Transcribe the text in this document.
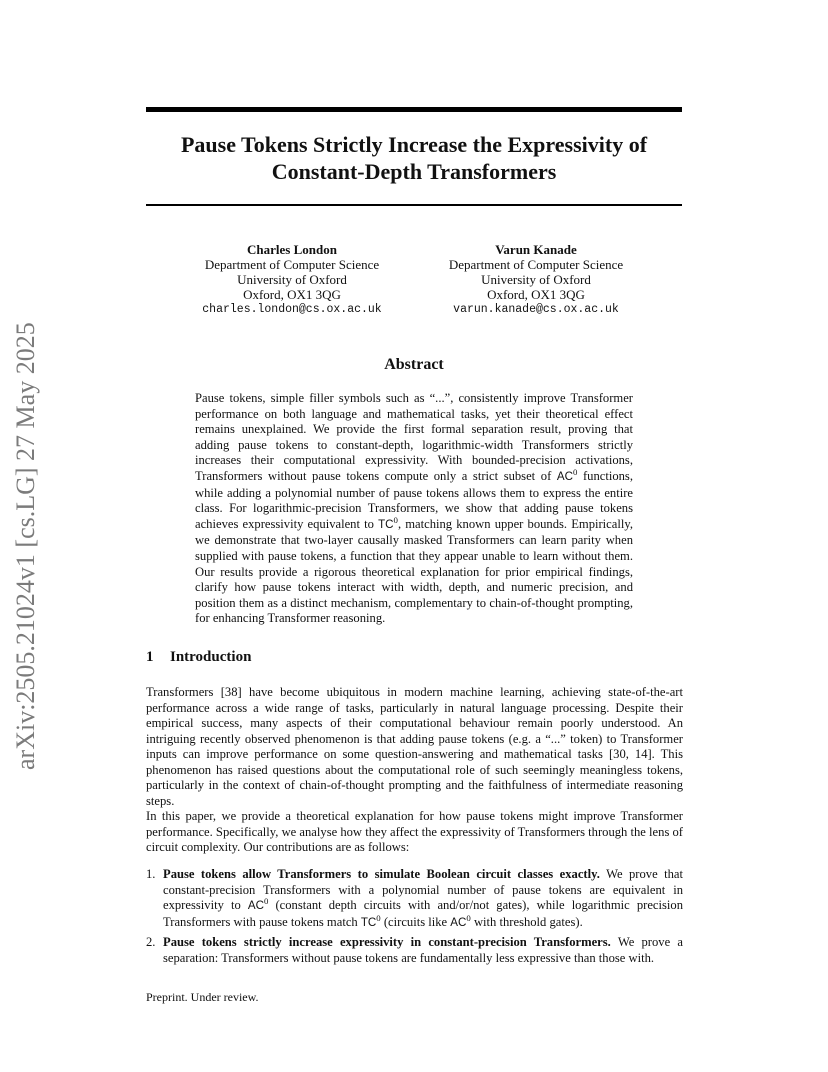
arXiv:2505.21024v1 [cs.LG] 27 May 2025
Pause Tokens Strictly Increase the Expressivity of Constant-Depth Transformers
Charles London
Department of Computer Science
University of Oxford
Oxford, OX1 3QG
charles.london@cs.ox.ac.uk
Varun Kanade
Department of Computer Science
University of Oxford
Oxford, OX1 3QG
varun.kanade@cs.ox.ac.uk
Abstract
Pause tokens, simple filler symbols such as “...”, consistently improve Transformer performance on both language and mathematical tasks, yet their theoretical effect remains unexplained. We provide the first formal separation result, proving that adding pause tokens to constant-depth, logarithmic-width Transformers strictly increases their computational expressivity. With bounded-precision activations, Transformers without pause tokens compute only a strict subset of $AC^0$ functions, while adding a polynomial number of pause tokens allows them to express the entire class. For logarithmic-precision Transformers, we show that adding pause tokens achieves expressivity equivalent to $TC^0$, matching known upper bounds. Empirically, we demonstrate that two-layer causally masked Transformers can learn parity when supplied with pause tokens, a function that they appear unable to learn without them. Our results provide a rigorous theoretical explanation for prior empirical findings, clarify how pause tokens interact with width, depth, and numeric precision, and position them as a distinct mechanism, complementary to chain-of-thought prompting, for enhancing Transformer reasoning.
1 Introduction
Transformers [38] have become ubiquitous in modern machine learning, achieving state-of-the-art performance across a wide range of tasks, particularly in natural language processing. Despite their empirical success, many aspects of their computational behaviour remain poorly understood. An intriguing recently observed phenomenon is that adding pause tokens (e.g. a “...” token) to Transformer inputs can improve performance on some question-answering and mathematical tasks [30, 14]. This phenomenon has raised questions about the computational role of such seemingly meaningless tokens, particularly in the context of chain-of-thought prompting and the faithfulness of intermediate reasoning steps.
In this paper, we provide a theoretical explanation for how pause tokens might improve Transformer performance. Specifically, we analyse how they affect the expressivity of Transformers through the lens of circuit complexity. Our contributions are as follows:
1. Pause tokens allow Transformers to simulate Boolean circuit classes exactly. We prove that constant-precision Transformers with a polynomial number of pause tokens are equivalent in expressivity to $AC^0$ (constant depth circuits with and/or/not gates), while logarithmic precision Transformers with pause tokens match $TC^0$ (circuits like $AC^0$ with threshold gates).
2. Pause tokens strictly increase expressivity in constant-precision Transformers. We prove a separation: Transformers without pause tokens are fundamentally less expressive than those with.
Preprint. Under review.
